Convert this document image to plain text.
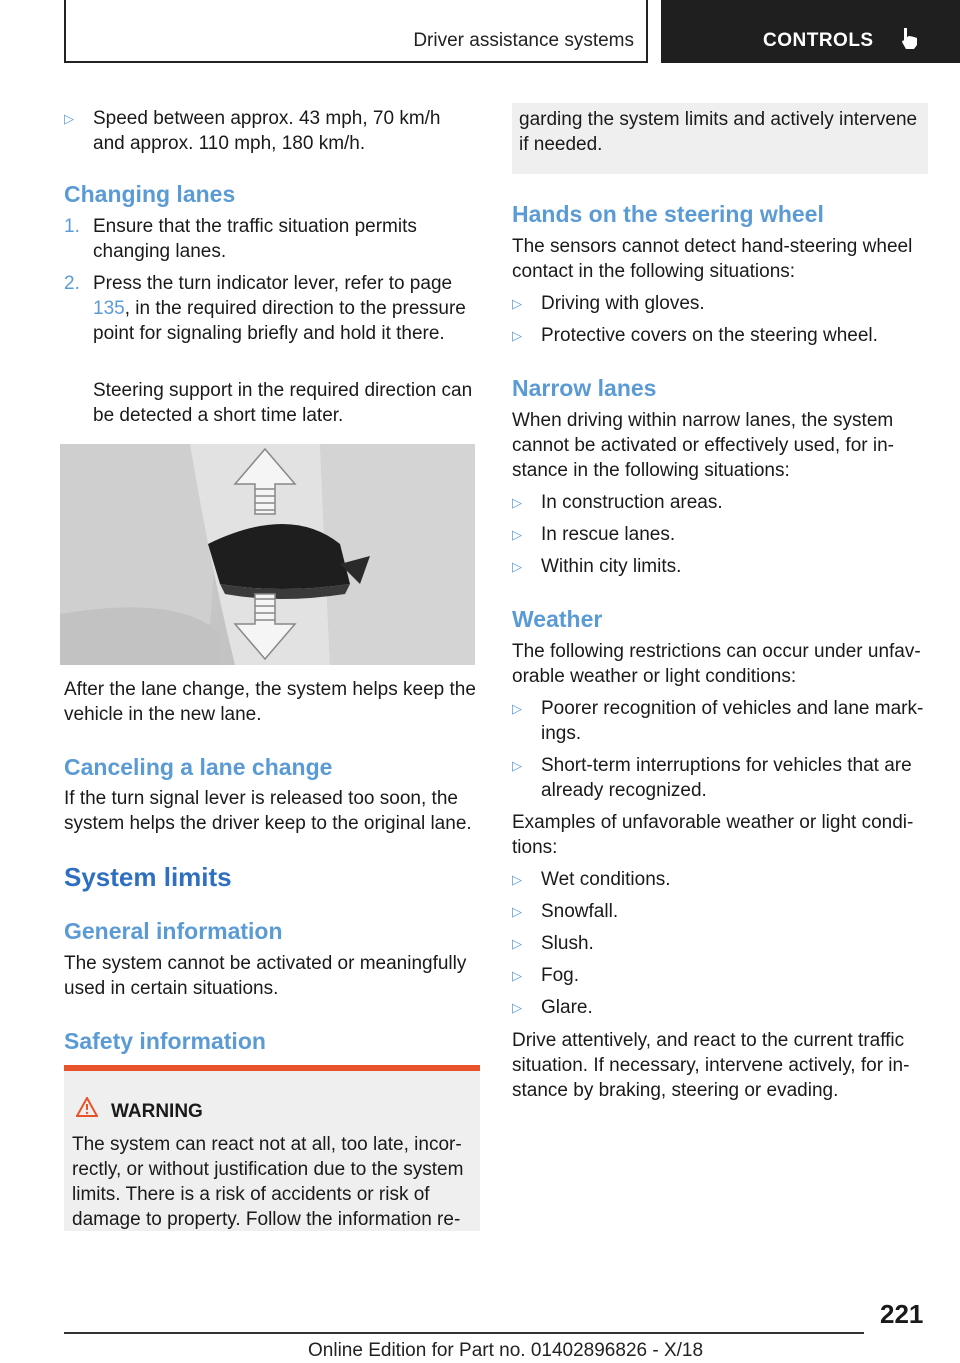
Driver assistance systems	CONTROLS
▷ Speed between approx. 43 mph, 70 km/h and approx. 110 mph, 180 km/h.
Changing lanes
1. Ensure that the traffic situation permits changing lanes.
2. Press the turn indicator lever, refer to page 135, in the required direction to the pressure point for signaling briefly and hold it there.
Steering support in the required direction can be detected a short time later.
After the lane change, the system helps keep the vehicle in the new lane.
Canceling a lane change
If the turn signal lever is released too soon, the system helps the driver keep to the original lane.
System limits
General information
The system cannot be activated or meaningfully used in certain situations.
Safety information
WARNING
The system can react not at all, too late, incor-rectly, or without justification due to the system limits. There is a risk of accidents or risk of damage to property. Follow the information re-
garding the system limits and actively intervene if needed.
Hands on the steering wheel
The sensors cannot detect hand-steering wheel contact in the following situations:
▷ Driving with gloves.
▷ Protective covers on the steering wheel.
Narrow lanes
When driving within narrow lanes, the system cannot be activated or effectively used, for in-stance in the following situations:
▷ In construction areas.
▷ In rescue lanes.
▷ Within city limits.
Weather
The following restrictions can occur under unfav-orable weather or light conditions:
▷ Poorer recognition of vehicles and lane mark-ings.
▷ Short-term interruptions for vehicles that are already recognized.
Examples of unfavorable weather or light condi-tions:
▷ Wet conditions.
▷ Snowfall.
▷ Slush.
▷ Fog.
▷ Glare.
Drive attentively, and react to the current traffic situation. If necessary, intervene actively, for in-stance by braking, steering or evading.
221
Online Edition for Part no. 01402896826 - X/18
